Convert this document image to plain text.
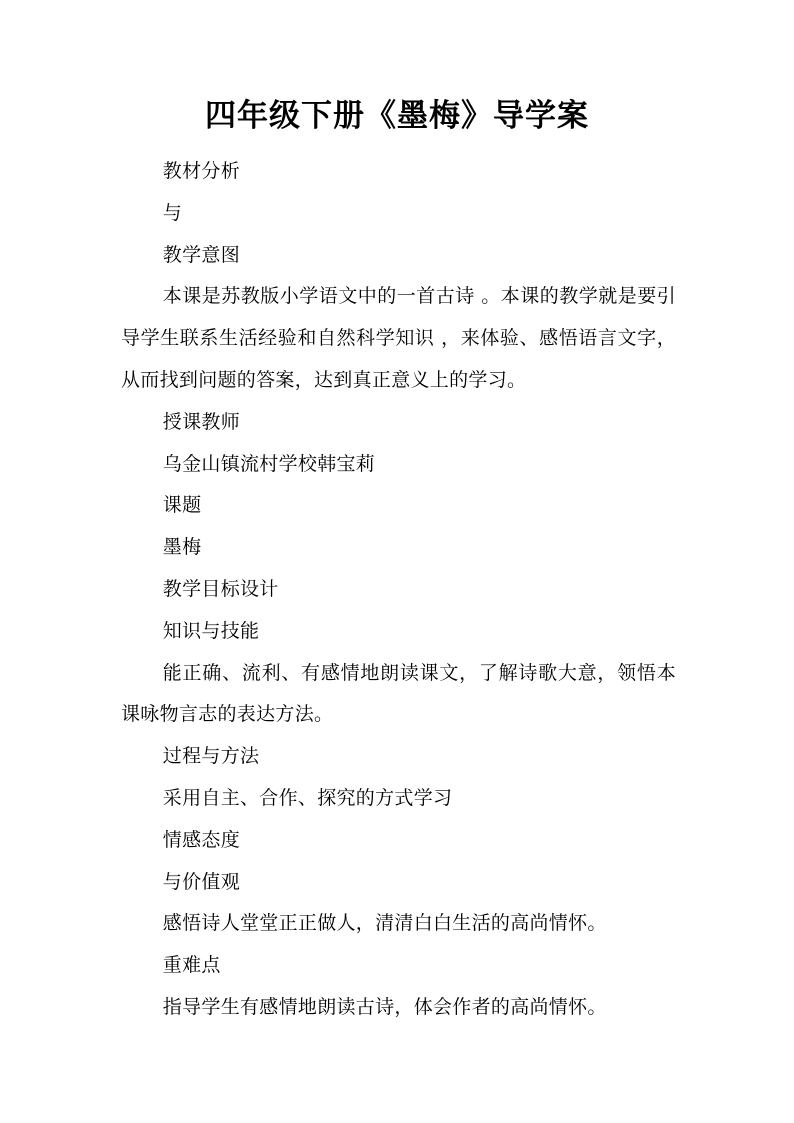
四年级下册《墨梅》导学案

教材分析

与

教学意图

本课是苏教版小学语文中的一首古诗 。本课的教学就是要引导学生联系生活经验和自然科学知识 ，来体验、感悟语言文字，从而找到问题的答案，达到真正意义上的学习。

授课教师

乌金山镇流村学校韩宝莉

课题

墨梅

教学目标设计

知识与技能

能正确、流利、有感情地朗读课文，了解诗歌大意，领悟本课咏物言志的表达方法。

过程与方法

采用自主、合作、探究的方式学习

情感态度

与价值观

感悟诗人堂堂正正做人，清清白白生活的高尚情怀。

重难点

指导学生有感情地朗读古诗，体会作者的高尚情怀。
